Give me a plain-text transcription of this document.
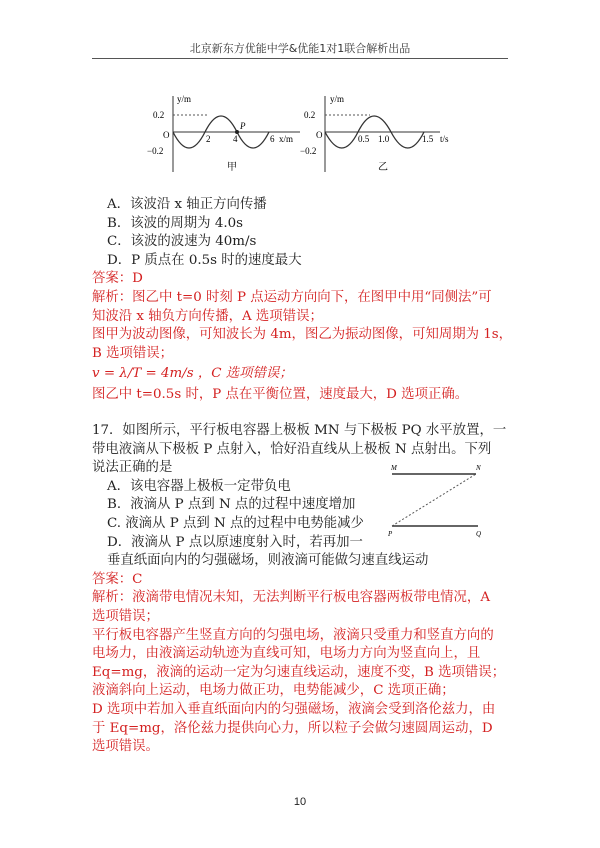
北京新东方优能中学&优能1对1联合解析出品
y/m
0.2
−0.2
O	2	4	6
P
x/m
甲
y/m
0.2
−0.2
O	0.5 1.0	1.5 t/s
乙
A．该波沿 x 轴正方向传播
B．该波的周期为 4.0s
C．该波的波速为 40m/s
D．P 质点在 0.5s 时的速度最大
答案：D
解析：图乙中 t=0 时刻 P 点运动方向向下，在图甲中用“同侧法”可
知波沿 x 轴负方向传播，A 选项错误；
图甲为波动图像，可知波长为 4m，图乙为振动图像，可知周期为 1s，
B 选项错误；
v = λ/T = 4m/s ，C 选项错误；
图乙中 t=0.5s 时，P 点在平衡位置，速度最大，D 选项正确。
17．如图所示，平行板电容器上极板 MN 与下极板 PQ 水平放置，一
带电液滴从下极板 P 点射入，恰好沿直线从上极板 N 点射出。下列
说法正确的是
A．该电容器上极板一定带负电
B．液滴从 P 点到 N 点的过程中速度增加
C. 液滴从 P 点到 N 点的过程中电势能减少
D．液滴从 P 点以原速度射入时，若再加一
垂直纸面向内的匀强磁场，则液滴可能做匀速直线运动
答案：C
解析：液滴带电情况未知，无法判断平行板电容器两板带电情况，A
选项错误；
平行板电容器产生竖直方向的匀强电场，液滴只受重力和竖直方向的
电场力，由液滴运动轨迹为直线可知，电场力方向为竖直向上，且
Eq=mg，液滴的运动一定为匀速直线运动，速度不变，B 选项错误；
液滴斜向上运动，电场力做正功，电势能减少，C 选项正确；
D 选项中若加入垂直纸面向内的匀强磁场，液滴会受到洛伦兹力，由
于 Eq=mg，洛伦兹力提供向心力，所以粒子会做匀速圆周运动，D
选项错误。
M	N
P	Q
10
